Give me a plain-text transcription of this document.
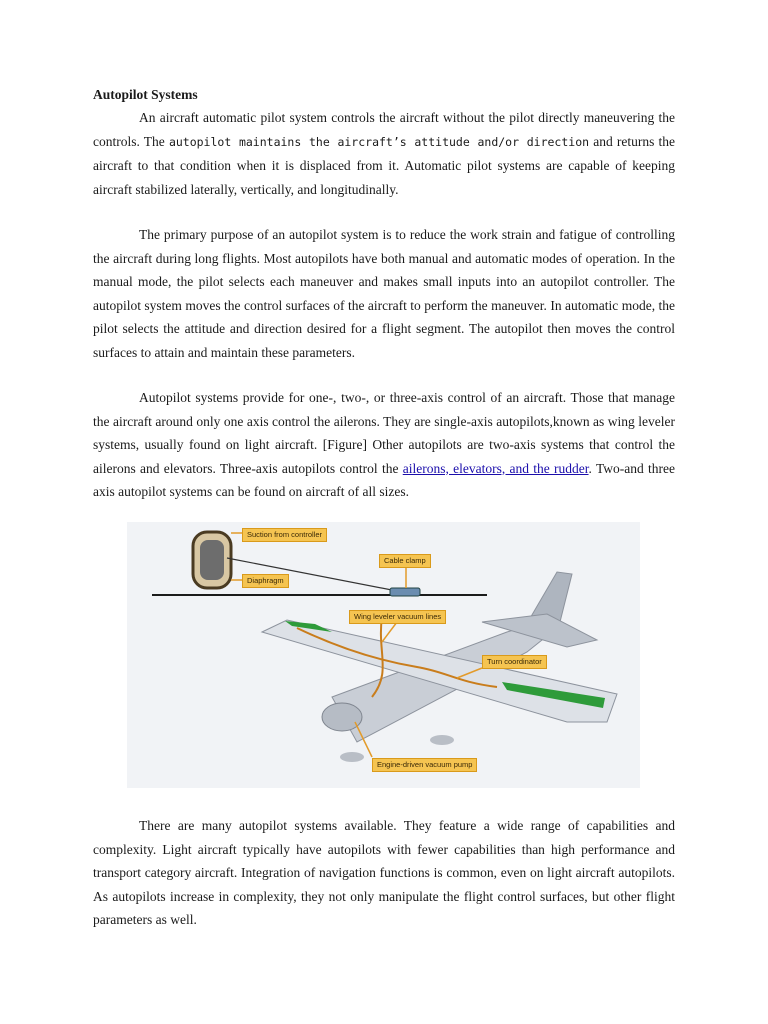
Autopilot Systems

An aircraft automatic pilot system controls the aircraft without the pilot directly maneuvering the controls. The autopilot maintains the aircraft’s attitude and/or direction and returns the aircraft to that condition when it is displaced from it. Automatic pilot systems are capable of keeping aircraft stabilized laterally, vertically, and longitudinally.

The primary purpose of an autopilot system is to reduce the work strain and fatigue of controlling the aircraft during long flights. Most autopilots have both manual and automatic modes of operation. In the manual mode, the pilot selects each maneuver and makes small inputs into an autopilot controller. The autopilot system moves the control surfaces of the aircraft to perform the maneuver. In automatic mode, the pilot selects the attitude and direction desired for a flight segment. The autopilot then moves the control surfaces to attain and maintain these parameters.

Autopilot systems provide for one-, two-, or three-axis control of an aircraft. Those that manage the aircraft around only one axis control the ailerons. They are single-axis autopilots,known as wing leveler systems, usually found on light aircraft. [Figure] Other autopilots are two-axis systems that control the ailerons and elevators. Three-axis autopilots control the ailerons, elevators, and the rudder. Two-and three axis autopilot systems can be found on aircraft of all sizes.

There are many autopilot systems available. They feature a wide range of capabilities and complexity. Light aircraft typically have autopilots with fewer capabilities than high performance and transport category aircraft. Integration of navigation functions is common, even on light aircraft autopilots. As autopilots increase in complexity, they not only manipulate the flight control surfaces, but other flight parameters as well.

Suction from controller
Diaphragm
Cable clamp
Wing leveler vacuum lines
Turn coordinator
Engine-driven vacuum pump
